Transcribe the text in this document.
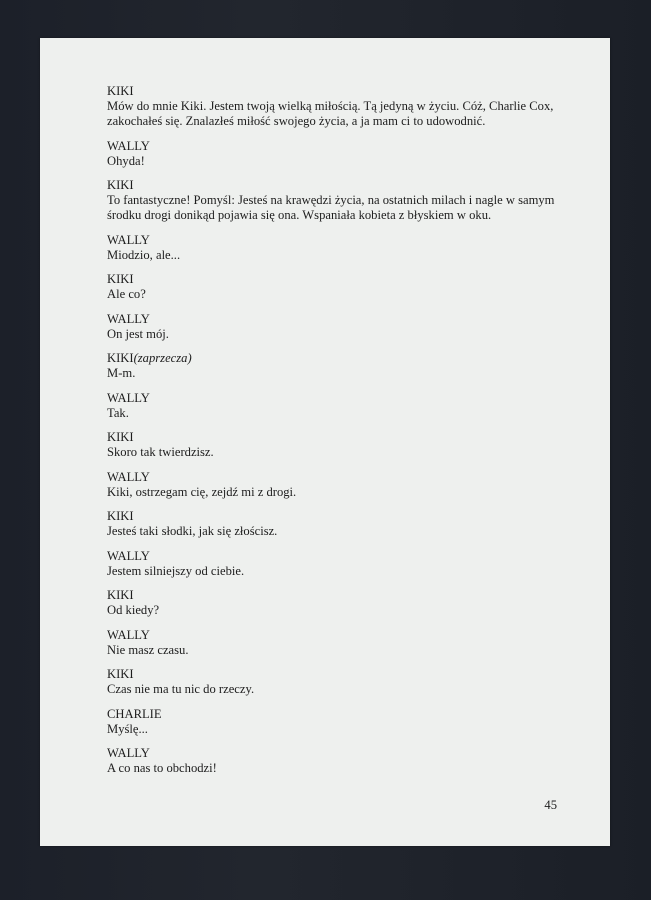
KIKI
Mów do mnie Kiki. Jestem twoją wielką miłością. Tą jedyną w życiu. Cóż, Charlie Cox, zakochałeś się. Znalazłeś miłość swojego życia, a ja mam ci to udowodnić.
WALLY
Ohyda!
KIKI
To fantastyczne! Pomyśl: Jesteś na krawędzi życia, na ostatnich milach i nagle w samym środku drogi donikąd pojawia się ona. Wspaniała kobieta z błyskiem w oku.
WALLY
Miodzio, ale...
KIKI
Ale co?
WALLY
On jest mój.
KIKI(zaprzecza)
M-m.
WALLY
Tak.
KIKI
Skoro tak twierdzisz.
WALLY
Kiki, ostrzegam cię, zejdź mi z drogi.
KIKI
Jesteś taki słodki, jak się złościsz.
WALLY
Jestem silniejszy od ciebie.
KIKI
Od kiedy?
WALLY
Nie masz czasu.
KIKI
Czas nie ma tu nic do rzeczy.
CHARLIE
Myślę...
WALLY
A co nas to obchodzi!
45
